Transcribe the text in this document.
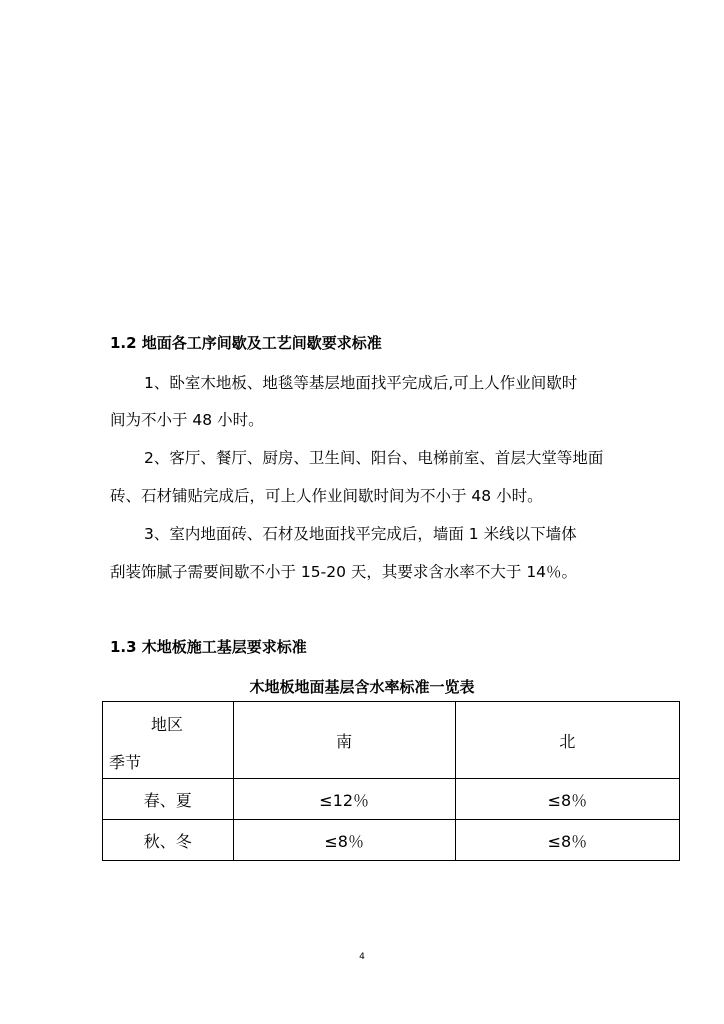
1.2 地面各工序间歇及工艺间歇要求标准
1、卧室木地板、地毯等基层地面找平完成后,可上人作业间歇时
间为不小于 48 小时。
2、客厅、餐厅、厨房、卫生间、阳台、电梯前室、首层大堂等地面
砖、石材铺贴完成后，可上人作业间歇时间为不小于 48 小时。
3、室内地面砖、石材及地面找平完成后，墙面 1 米线以下墙体
刮装饰腻子需要间歇不小于 15-20 天，其要求含水率不大于 14％。
1.3 木地板施工基层要求标准
木地板地面基层含水率标准一览表
地区
季节	南	北
春、夏	≤12％	≤8％
秋、冬	≤8％	≤8％
4
